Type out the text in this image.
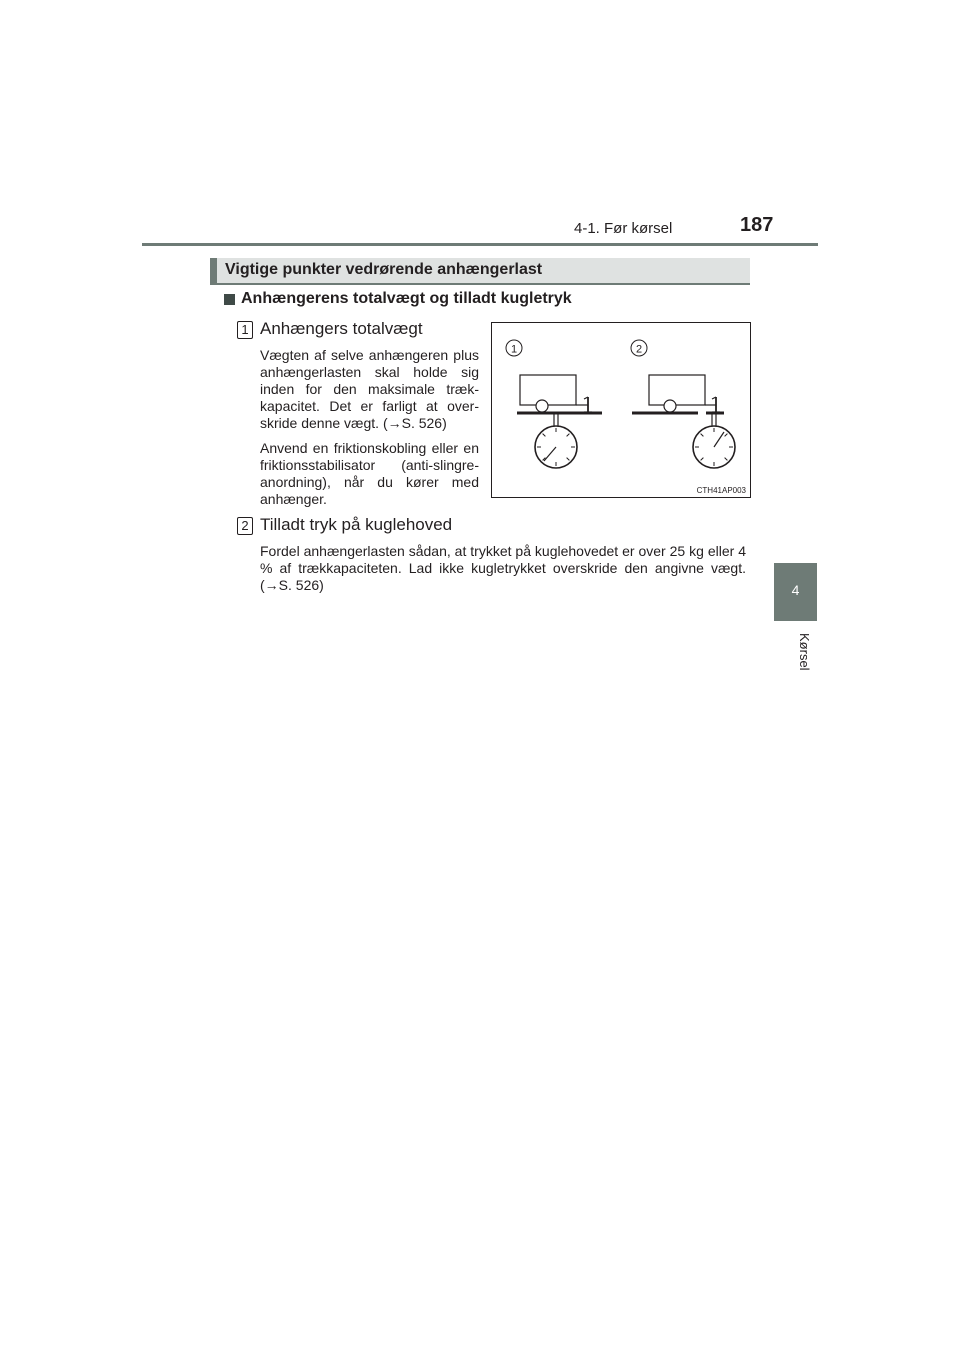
4-1. Før kørsel	187
4
Kørsel
Vigtige punkter vedrørende anhængerlast
Anhængerens totalvægt og tilladt kugletryk
1 Anhængers totalvægt
Vægten af selve anhængeren plus anhængerlasten skal holde sig inden for den maksimale træk-kapacitet. Det er farligt at over-skride denne vægt. (→S. 526)
Anvend en friktionskobling eller en friktionsstabilisator (anti-slingre-anordning), når du kører med anhænger.
2 Tilladt tryk på kuglehoved
Fordel anhængerlasten sådan, at trykket på kuglehovedet er over 25 kg eller 4 % af trækkapaciteten. Lad ikke kugletrykket overskride den angivne vægt. (→S. 526)
1	2
CTH41AP003
